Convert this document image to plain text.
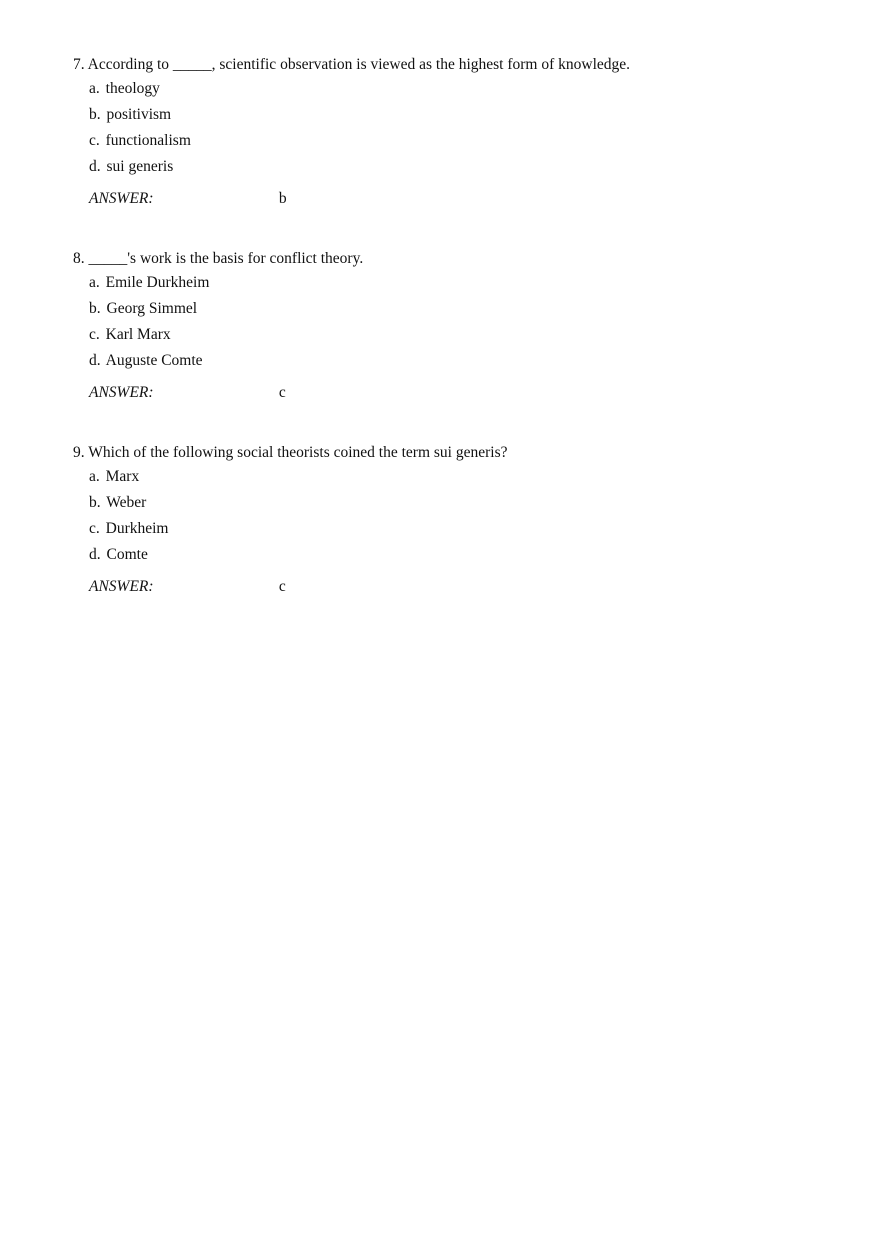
7. According to _____, scientific observation is viewed as the highest form of knowledge.
a. theology
b. positivism
c. functionalism
d. sui generis
ANSWER:	b
8. _____'s work is the basis for conflict theory.
a. Emile Durkheim
b. Georg Simmel
c. Karl Marx
d. Auguste Comte
ANSWER:	c
9. Which of the following social theorists coined the term sui generis?
a. Marx
b. Weber
c. Durkheim
d. Comte
ANSWER:	c
